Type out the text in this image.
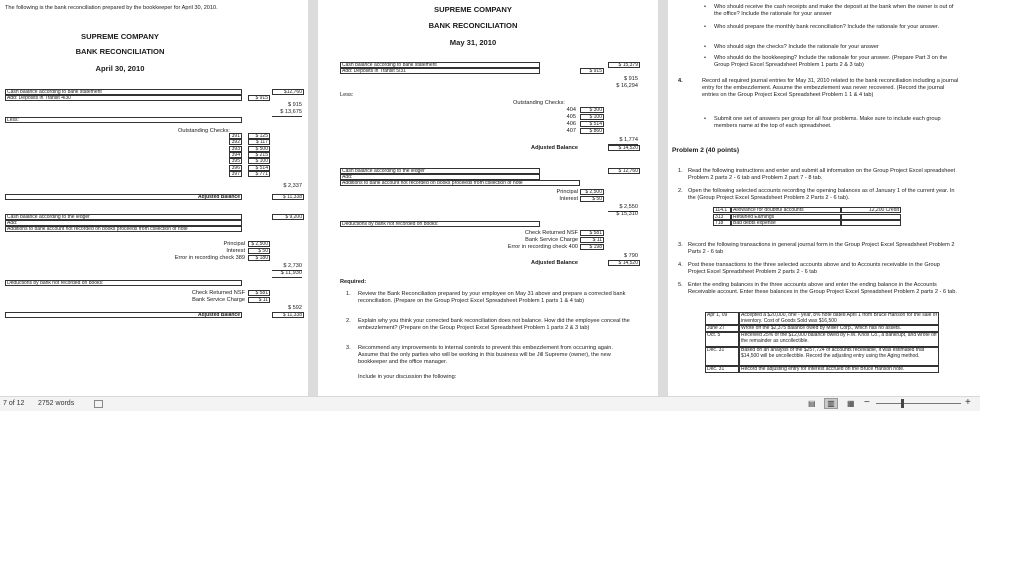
The following is the bank reconciliation prepared by the bookkeeper for April 30, 2010.
SUPREME COMPANY
BANK RECONCILIATION
April 30, 2010
Cash balance according to bank statement	$12,760
Add: Deposits in Transit 4/30	$ 915
$ 915
$ 13,675
Less:
Outstanding Checks:
391	$ 125
392	$ 117
393	$ 500
394	$ 215
395	$ 100
396	$ 514
397	$ 771
$ 2,337
Adjusted Balance	$ 11,338
Cash balance according to the ledger	$ 9,200
Add:
Additions to bank account not recorded on books proceeds from collection of note
Principal	$ 2,500
Interest	$ 50
Error in recording check 389	$ 180
$ 2,730
$ 11,930
Deductions by bank not recorded on books:
Check Returned NSF	$ 581
Bank Service Charge	$ 11
$ 592
Adjusted Balance	$ 11,338
SUPREME COMPANY
BANK RECONCILIATION
May 31, 2010
Cash balance according to bank statement	$ 15,379
Add: Deposits in Transit 5/31	$ 915
$ 915
$ 16,294
Less:
Outstanding Checks:
404	$ 300
405	$ 100
406	$ 514
407	$ 860
$ 1,774
Adjusted Balance	$ 14,520
Cash balance according to the ledger	$ 12,760
Add:
Additions to bank account not recorded on books proceeds from collection of note
Principal	$ 2,500
Interest	$ 50
$ 2,550
$ 15,310
Deductions by bank not recorded on books:
Check Returned NSF	$ 581
Bank Service Charge	$ 11
Error in recording check 400	$ 198
$ 790
Adjusted Balance	$ 14,520
Required:
1. Review the Bank Reconciliation prepared by your employee on May 31 above and prepare a corrected bank reconciliation. (Prepare on the Group Project Excel Spreadsheet Problem 1 parts 1 & 4 tab)
2. Explain why you think your corrected bank reconciliation does not balance. How did the employee conceal the embezzlement? (Prepare on the Group Project Excel Spreadsheet Problem 1 parts 2 & 3 tab)
3. Recommend any improvements to internal controls to prevent this embezzlement from occurring again. Assume that the only parties who will be working in this business will be Jill Supreme (owner), the new bookkeeper and the office manager.
Include in your discussion the following:
• Who should receive the cash receipts and make the deposit at the bank when the owner is out of the office? Include the rationale for your answer
• Who should prepare the monthly bank reconciliation? Include the rationale for your answer.
• Who should sign the checks? Include the rationale for your answer
• Who should do the bookkeeping? Include the rationale for your answer. (Prepare Part 3 on the Group Project Excel Spreadsheet Problem 1 parts 2 & 3 tab)
4.	Record all required journal entries for May 31, 2010 related to the bank reconciliation including a journal entry for the embezzlement. Assume the embezzlement was never recovered. (Record the journal entries on the Group Project Excel Spreadsheet Problem 1 1 & 4 tab)
• Submit one set of answers per group for all four problems. Make sure to include each group members name at the top of each spreadsheet.
Problem 2 (40 points)
1. Read the following instructions and enter and submit all information on the Group Project Excel spreadsheet Problem 2 parts 2 - 6 tab and Problem 2 part 7 - 8 tab.
2. Open the following selected accounts recording the opening balances as of January 1 of the current year. In the (Group Project Excel Spreadsheet Problem 2 Parts 2 - 6 tab).
114.1	Allowance for doubtful accounts	12,200 Credit
313	Retained Earnings
718	Bad debts expense
3. Record the following transactions in general journal form in the Group Project Excel Spreadsheet Problem 2 Parts 2 - 6 tab
4. Post these transactions to the three selected accounts above and to Accounts receivable in the Group Project Excel Spreadsheet Problem 2 parts 2 - 6 tab
5. Enter the ending balances in the three accounts above and enter the ending balance in the Accounts Receivable account. Enter these balances in the Group Project Excel Spreadsheet Problem 2 parts 2 - 6 tab.
Apr 1, 09	Accepted a $20,000, one - year, 8% note dated April 1 from Bruce Hanson for the sale of inventory. Cost of Goods Sold was $16,500
June 27	Wrote off the $2,375 balance owed by Miller Corp., which has no assets.
Oct. 5	Received 25% of the $12,000 balance owed by F.W. Knox Co., a bankrupt, and wrote off the remainder as uncollectible.
Dec. 31	Based on an analysis of the $257,724 of accounts receivable, it was estimated that $14,500 will be uncollectible. Record the adjusting entry using the Aging method.
Dec. 31	Record the adjusting entry for interest accrued on the Bruce Hanson note.
7 of 12 2752 words	▤	▥	▦ −	+
